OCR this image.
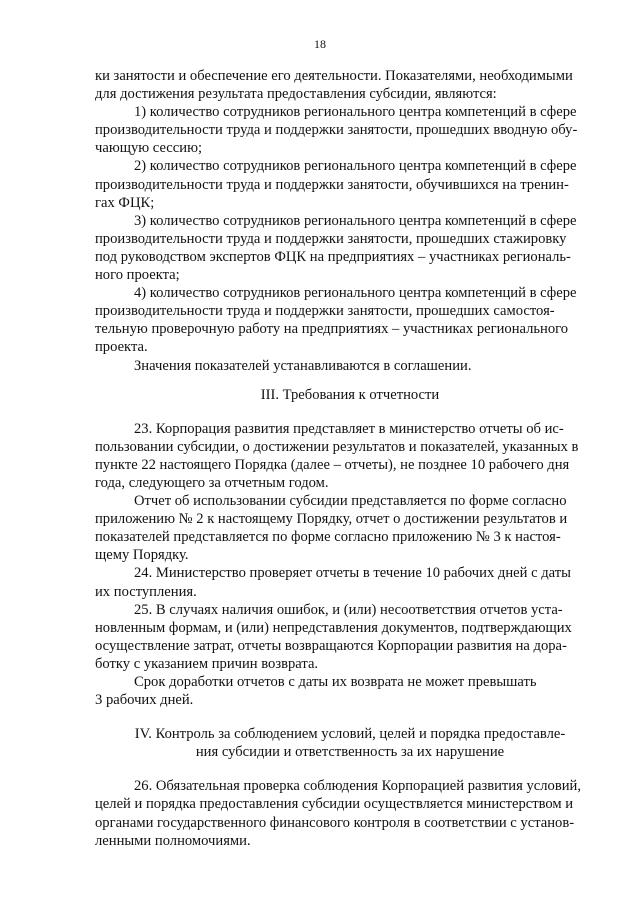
18

ки занятости и обеспечение его деятельности. Показателями, необходимыми

для достижения результата предоставления субсидии, являются:

1) количество сотрудников регионального центра компетенций в сфере

производительности труда и поддержки занятости, прошедших вводную обу-

чающую сессию;

2) количество сотрудников регионального центра компетенций в сфере

производительности труда и поддержки занятости, обучившихся на тренин-

гах ФЦК;

3) количество сотрудников регионального центра компетенций в сфере

производительности труда и поддержки занятости, прошедших стажировку

под руководством экспертов ФЦК на предприятиях – участниках региональ-

ного проекта;

4) количество сотрудников регионального центра компетенций в сфере

производительности труда и поддержки занятости, прошедших самостоя-

тельную проверочную работу на предприятиях – участниках регионального

проекта.

Значения показателей устанавливаются в соглашении.

III. Требования к отчетности

23. Корпорация развития представляет в министерство отчеты об ис-

пользовании субсидии, о достижении результатов и показателей, указанных в

пункте 22 настоящего Порядка (далее – отчеты), не позднее 10 рабочего дня

года, следующего за отчетным годом.

Отчет об использовании субсидии представляется по форме согласно

приложению № 2 к настоящему Порядку, отчет о достижении результатов и

показателей представляется по форме согласно приложению № 3 к настоя-

щему Порядку.

24. Министерство проверяет отчеты в течение 10 рабочих дней с даты

их поступления.

25. В случаях наличия ошибок, и (или) несоответствия отчетов уста-

новленным формам, и (или) непредставления документов, подтверждающих

осуществление затрат, отчеты возвращаются Корпорации развития на дора-

ботку с указанием причин возврата.

Срок доработки отчетов с даты их возврата не может превышать

3 рабочих дней.

IV. Контроль за соблюдением условий, целей и порядка предоставле-

ния субсидии и ответственность за их нарушение

26. Обязательная проверка соблюдения Корпорацией развития условий,

целей и порядка предоставления субсидии осуществляется министерством и

органами государственного финансового контроля в соответствии с установ-

ленными полномочиями.
